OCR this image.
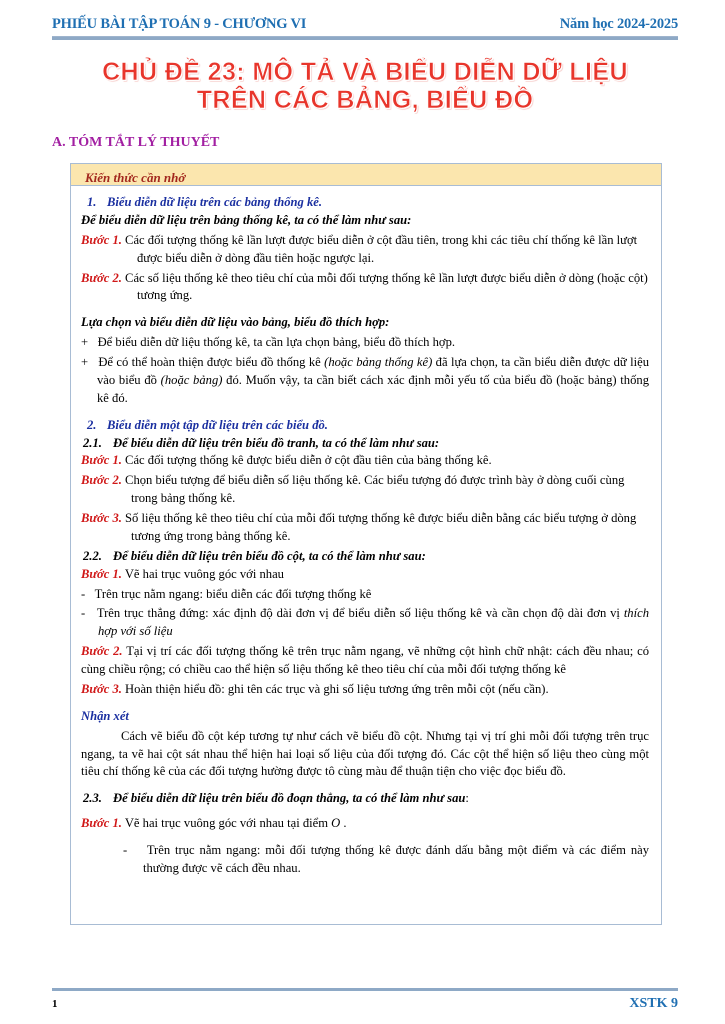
PHIẾU BÀI TẬP TOÁN 9 - CHƯƠNG VI	Năm học 2024-2025
CHỦ ĐỀ 23: MÔ TẢ VÀ BIỂU DIỄN DỮ LIỆU
TRÊN CÁC BẢNG, BIỂU ĐỒ
A. TÓM TẮT LÝ THUYẾT
Kiến thức cần nhớ
1. Biểu diễn dữ liệu trên các bảng thống kê.
Để biểu diễn dữ liệu trên bảng thống kê, ta có thể làm như sau:
Bước 1. Các đối tượng thống kê lần lượt được biểu diễn ở cột đầu tiên, trong khi các tiêu chí thống kê lần lượt được biểu diễn ở dòng đầu tiên hoặc ngược lại.
Bước 2. Các số liệu thống kê theo tiêu chí của mỗi đối tượng thống kê lần lượt được biểu diễn ở dòng (hoặc cột) tương ứng.
Lựa chọn và biểu diễn dữ liệu vào bảng, biểu đồ thích hợp:
+ Để biểu diễn dữ liệu thống kê, ta cần lựa chọn bảng, biểu đồ thích hợp.
+ Để có thể hoàn thiện được biểu đồ thống kê (hoặc bảng thống kê) đã lựa chọn, ta cần biểu diễn được dữ liệu vào biểu đồ (hoặc bảng) đó. Muốn vậy, ta cần biết cách xác định mỗi yếu tố của biểu đồ (hoặc bảng) thống kê đó.
2. Biểu diễn một tập dữ liệu trên các biểu đồ.
2.1. Để biểu diễn dữ liệu trên biểu đồ tranh, ta có thể làm như sau:
Bước 1. Các đối tượng thống kê được biểu diễn ở cột đầu tiên của bảng thống kê.
Bước 2. Chọn biểu tượng để biểu diễn số liệu thống kê. Các biểu tượng đó được trình bày ở dòng cuối cùng trong bảng thống kê.
Bước 3. Số liệu thống kê theo tiêu chí của mỗi đối tượng thống kê được biểu diễn bằng các biểu tượng ở dòng tương ứng trong bảng thống kê.
2.2. Để biểu diễn dữ liệu trên biểu đồ cột, ta có thể làm như sau:
Bước 1. Vẽ hai trục vuông góc với nhau
- Trên trục nằm ngang: biểu diễn các đối tượng thống kê
- Trên trục thẳng đứng: xác định độ dài đơn vị để biểu diễn số liệu thống kê và cần chọn độ dài đơn vị thích hợp với số liệu
Bước 2. Tại vị trí các đối tượng thống kê trên trục nằm ngang, vẽ những cột hình chữ nhật: cách đều nhau; có cùng chiều rộng; có chiều cao thể hiện số liệu thống kê theo tiêu chí của mỗi đối tượng thống kê
Bước 3. Hoàn thiện hiểu đồ: ghi tên các trục và ghi số liệu tương ứng trên mỗi cột (nếu cần).
Nhận xét
Cách vẽ biểu đồ cột kép tương tự như cách vẽ biểu đồ cột. Nhưng tại vị trí ghi mỗi đối tượng trên trục ngang, ta vẽ hai cột sát nhau thể hiện hai loại số liệu của đối tượng đó. Các cột thể hiện số liệu theo cùng một tiêu chí thống kê của các đối tượng hường được tô cùng màu để thuận tiện cho việc đọc biểu đồ.
2.3. Để biểu diễn dữ liệu trên biểu đồ đoạn thẳng, ta có thể làm như sau:
Bước 1. Vẽ hai trục vuông góc với nhau tại điểm O .
- Trên trục nằm ngang: mỗi đối tượng thống kê được đánh dấu bằng một điểm và các điểm này thường được vẽ cách đều nhau.
1	XSTK 9
